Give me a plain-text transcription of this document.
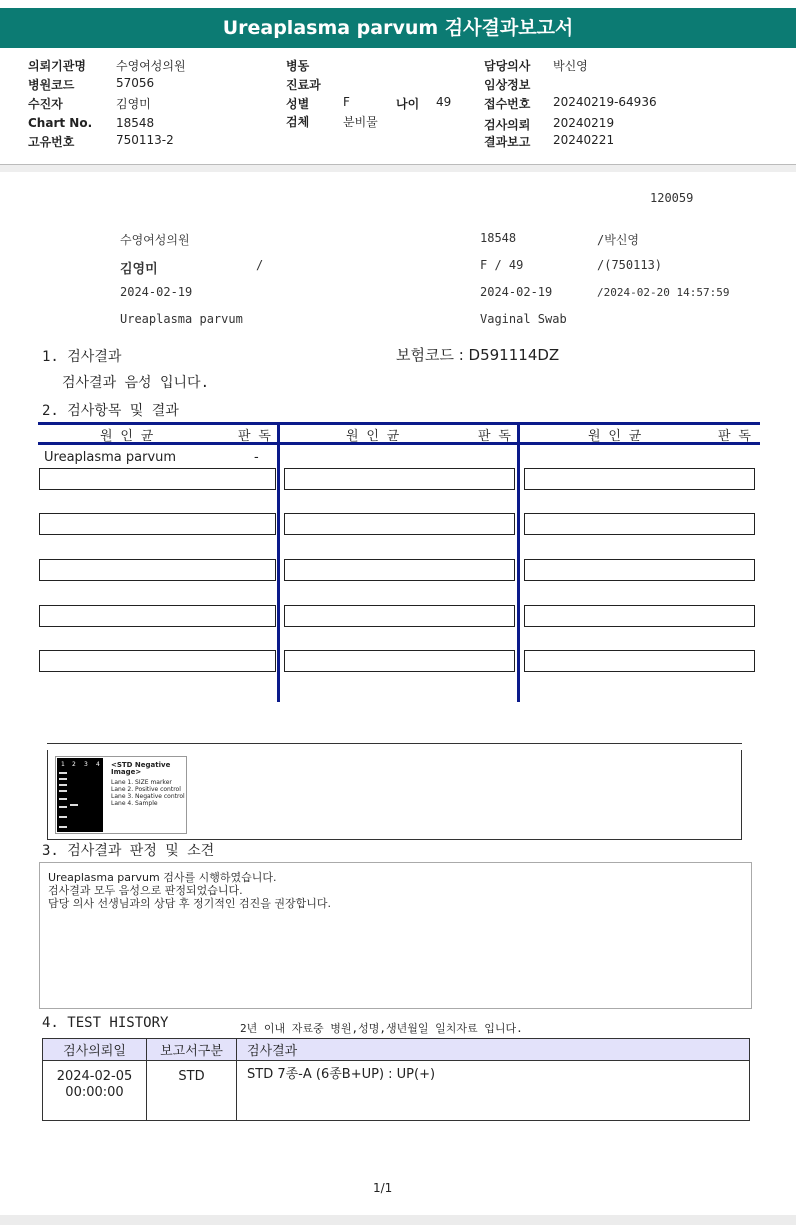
Ureaplasma parvum 검사결과보고서
의뢰기관명	수영여성의원
병원코드	57056
수진자	김영미
Chart No. 18548
고유번호	750113-2
병동
진료과
성별	F	나이 49
검체	분비물
담당의사 박신영
임상정보
접수번호 20240219-64936
검사의뢰 20240219
결과보고 20240221
120059
수영여성의원	18548	/박신영
김영미	/	F / 49	/(750113)
2024-02-19	2024-02-19	/2024-02-20 14:57:59
Ureaplasma parvum	Vaginal Swab
1. 검사결과	보험코드 : D591114DZ
검사결과 음성 입니다.
2. 검사항목 및 결과
원 인 균	판 독	원 인 균	판 독	원 인 균	판 독
Ureaplasma parvum	-
1 2 3 4 <STD Negative Image>
Lane 1. SIZE marker
Lane 2. Positive control
Lane 3. Negative control
Lane 4. Sample
3. 검사결과 판정 및 소견
Ureaplasma parvum 검사를 시행하였습니다.
검사결과 모두 음성으로 판정되었습니다.
담당 의사 선생님과의 상담 후 정기적인 검진을 권장합니다.
4. TEST HISTORY	2년 이내 자료중 병원,성명,생년월일 일치자료 입니다.
검사의뢰일	보고서구분	검사결과

2024-02-05
00:00:00	STD	STD 7종-A (6종B+UP) : UP(+)
1/1
